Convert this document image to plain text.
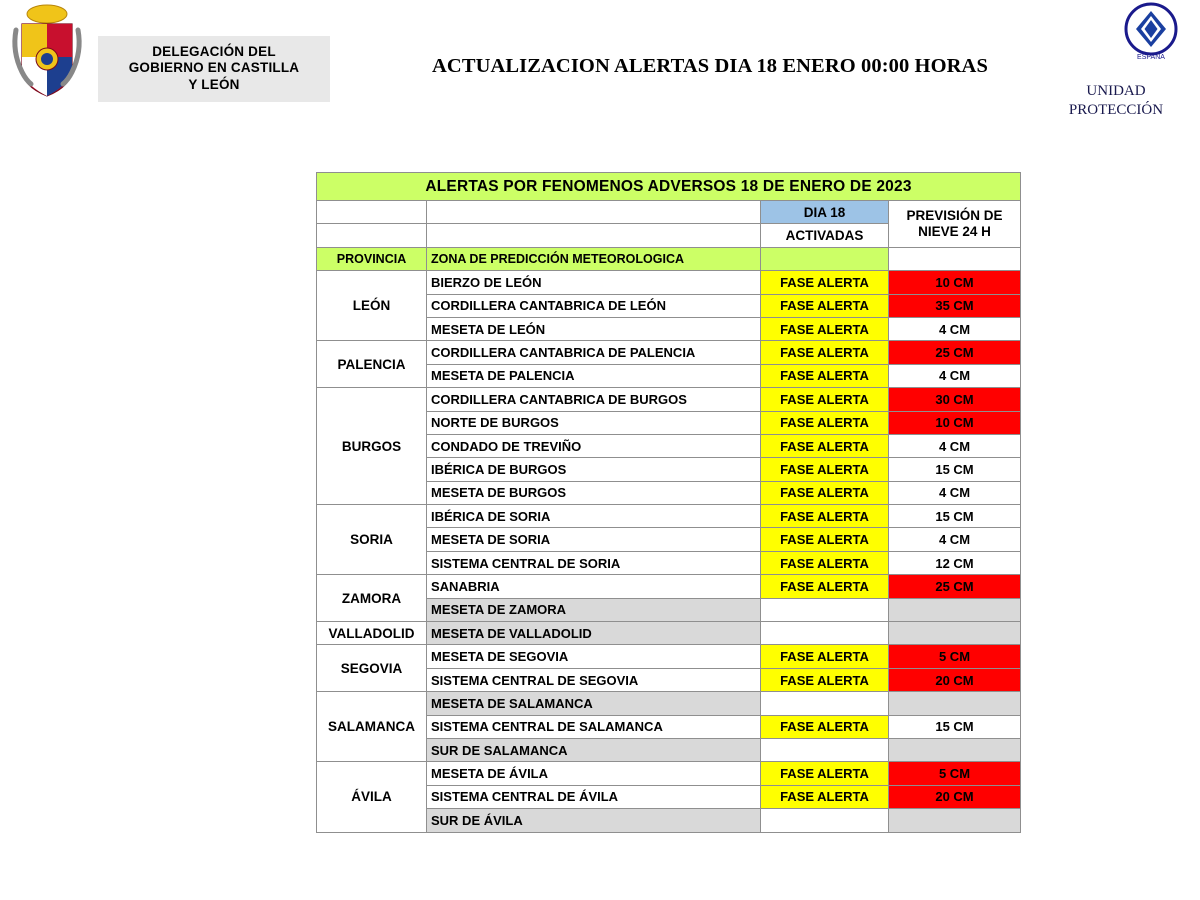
DELEGACIÓN DEL
GOBIERNO EN CASTILLA
Y LEÓN
ACTUALIZACION ALERTAS DIA 18 ENERO 00:00 HORAS	ESPAÑA
UNIDAD
PROTECCIÓN
ALERTAS POR FENOMENOS ADVERSOS 18 DE ENERO DE 2023			
		DIA 18	PREVISIÓN DE
NIEVE 24 H

		ACTIVADAS	
PROVINCIA	ZONA DE PREDICCIÓN METEOROLOGICA		
LEÓN	BIERZO DE LEÓN	FASE ALERTA	10 CM
	CORDILLERA CANTABRICA DE LEÓN	FASE ALERTA	35 CM
	MESETA DE LEÓN	FASE ALERTA	4 CM
PALENCIA	CORDILLERA CANTABRICA DE PALENCIA	FASE ALERTA	25 CM
	MESETA DE PALENCIA	FASE ALERTA	4 CM
BURGOS	CORDILLERA CANTABRICA DE BURGOS	FASE ALERTA	30 CM
	NORTE DE BURGOS	FASE ALERTA	10 CM
	CONDADO DE TREVIÑO	FASE ALERTA	4 CM
	IBÉRICA DE BURGOS	FASE ALERTA	15 CM
	MESETA DE BURGOS	FASE ALERTA	4 CM
SORIA	IBÉRICA DE SORIA	FASE ALERTA	15 CM
	MESETA DE SORIA	FASE ALERTA	4 CM
	SISTEMA CENTRAL DE SORIA	FASE ALERTA	12 CM
ZAMORA	SANABRIA	FASE ALERTA	25 CM
	MESETA DE ZAMORA		
VALLADOLID	MESETA DE VALLADOLID		
SEGOVIA	MESETA DE SEGOVIA	FASE ALERTA	5 CM
	SISTEMA CENTRAL DE SEGOVIA	FASE ALERTA	20 CM
SALAMANCA	MESETA DE SALAMANCA		
	SISTEMA CENTRAL DE SALAMANCA	FASE ALERTA	15 CM
	SUR DE SALAMANCA		
ÁVILA	MESETA DE ÁVILA	FASE ALERTA	5 CM
	SISTEMA CENTRAL DE ÁVILA	FASE ALERTA	20 CM
	SUR DE ÁVILA		
